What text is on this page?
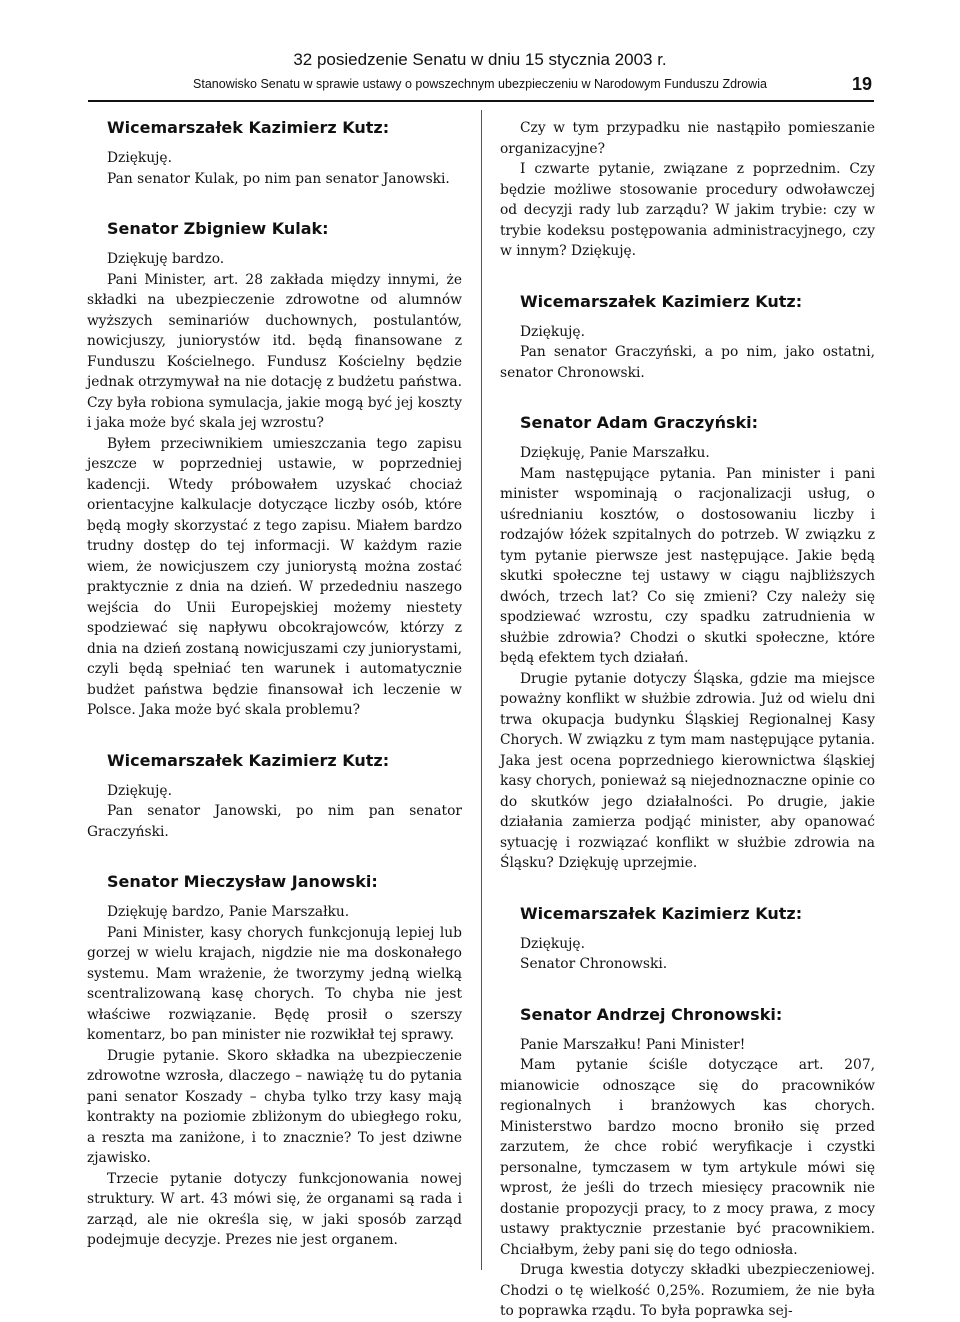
32 posiedzenie Senatu w dniu 15 stycznia 2003 r.
Stanowisko Senatu w sprawie ustawy o powszechnym ubezpieczeniu w Narodowym Funduszu Zdrowia	19
Wicemarszałek Kazimierz Kutz:

Dziękuję.

Pan senator Kulak, po nim pan senator Janowski.

Senator Zbigniew Kulak:

Dziękuję bardzo.

Pani Minister, art. 28 zakłada między innymi, że składki na ubezpieczenie zdrowotne od alumnów wyższych seminariów duchownych, postulantów, nowicjuszy, juniorystów itd. będą finansowane z Funduszu Kościelnego. Fundusz Kościelny będzie jednak otrzymywał na nie dotację z budżetu państwa. Czy była robiona symulacja, jakie mogą być jej koszty i jaka może być skala jej wzrostu?

Byłem przeciwnikiem umieszczania tego zapisu jeszcze w poprzedniej ustawie, w poprzedniej kadencji. Wtedy próbowałem uzyskać chociaż orientacyjne kalkulacje dotyczące liczby osób, które będą mogły skorzystać z tego zapisu. Miałem bardzo trudny dostęp do tej informacji. W każdym razie wiem, że nowicjuszem czy juniorystą można zostać praktycznie z dnia na dzień. W przededniu naszego wejścia do Unii Europejskiej możemy niestety spodziewać się napływu obcokrajowców, którzy z dnia na dzień zostaną nowicjuszami czy juniorystami, czyli będą spełniać ten warunek i automatycznie budżet państwa będzie finansował ich leczenie w Polsce. Jaka może być skala problemu?

Wicemarszałek Kazimierz Kutz:

Dziękuję.

Pan senator Janowski, po nim pan senator Graczyński.

Senator Mieczysław Janowski:

Dziękuję bardzo, Panie Marszałku.

Pani Minister, kasy chorych funkcjonują lepiej lub gorzej w wielu krajach, nigdzie nie ma doskonałego systemu. Mam wrażenie, że tworzymy jedną wielką scentralizowaną kasę chorych. To chyba nie jest właściwe rozwiązanie. Będę prosił o szerszy komentarz, bo pan minister nie rozwikłał tej sprawy.

Drugie pytanie. Skoro składka na ubezpieczenie zdrowotne wzrosła, dlaczego – nawiążę tu do pytania pani senator Koszady – chyba tylko trzy kasy mają kontrakty na poziomie zbliżonym do ubiegłego roku, a reszta ma zaniżone, i to znacznie? To jest dziwne zjawisko.

Trzecie pytanie dotyczy funkcjonowania nowej struktury. W art. 43 mówi się, że organami są rada i zarząd, ale nie określa się, w jaki sposób zarząd podejmuje decyzje. Prezes nie jest organem.

Czy w tym przypadku nie nastąpiło pomieszanie organizacyjne?

I czwarte pytanie, związane z poprzednim. Czy będzie możliwe stosowanie procedury odwoławczej od decyzji rady lub zarządu? W jakim trybie: czy w trybie kodeksu postępowania administracyjnego, czy w innym? Dziękuję.

Wicemarszałek Kazimierz Kutz:

Dziękuję.

Pan senator Graczyński, a po nim, jako ostatni, senator Chronowski.

Senator Adam Graczyński:

Dziękuję, Panie Marszałku.

Mam następujące pytania. Pan minister i pani minister wspominają o racjonalizacji usług, o uśrednianiu kosztów, o dostosowaniu liczby i rodzajów łóżek szpitalnych do potrzeb. W związku z tym pytanie pierwsze jest następujące. Jakie będą skutki społeczne tej ustawy w ciągu najbliższych dwóch, trzech lat? Co się zmieni? Czy należy się spodziewać wzrostu, czy spadku zatrudnienia w służbie zdrowia? Chodzi o skutki społeczne, które będą efektem tych działań.

Drugie pytanie dotyczy Śląska, gdzie ma miejsce poważny konflikt w służbie zdrowia. Już od wielu dni trwa okupacja budynku Śląskiej Regionalnej Kasy Chorych. W związku z tym mam następujące pytania. Jaka jest ocena poprzedniego kierownictwa śląskiej kasy chorych, ponieważ są niejednoznaczne opinie co do skutków jego działalności. Po drugie, jakie działania zamierza podjąć minister, aby opanować sytuację i rozwiązać konflikt w służbie zdrowia na Śląsku? Dziękuję uprzejmie.

Wicemarszałek Kazimierz Kutz:

Dziękuję.

Senator Chronowski.

Senator Andrzej Chronowski:

Panie Marszałku! Pani Minister!

Mam pytanie ściśle dotyczące art. 207, mianowicie odnoszące się do pracowników regionalnych i branżowych kas chorych. Ministerstwo bardzo mocno broniło się przed zarzutem, że chce robić weryfikacje i czystki personalne, tymczasem w tym artykule mówi się wprost, że jeśli do trzech miesięcy pracownik nie dostanie propozycji pracy, to z mocy prawa, z mocy ustawy praktycznie przestanie być pracownikiem. Chciałbym, żeby pani się do tego odniosła.

Druga kwestia dotyczy składki ubezpieczeniowej. Chodzi o tę wielkość 0,25%. Rozumiem, że nie była to poprawka rządu. To była poprawka sej-
